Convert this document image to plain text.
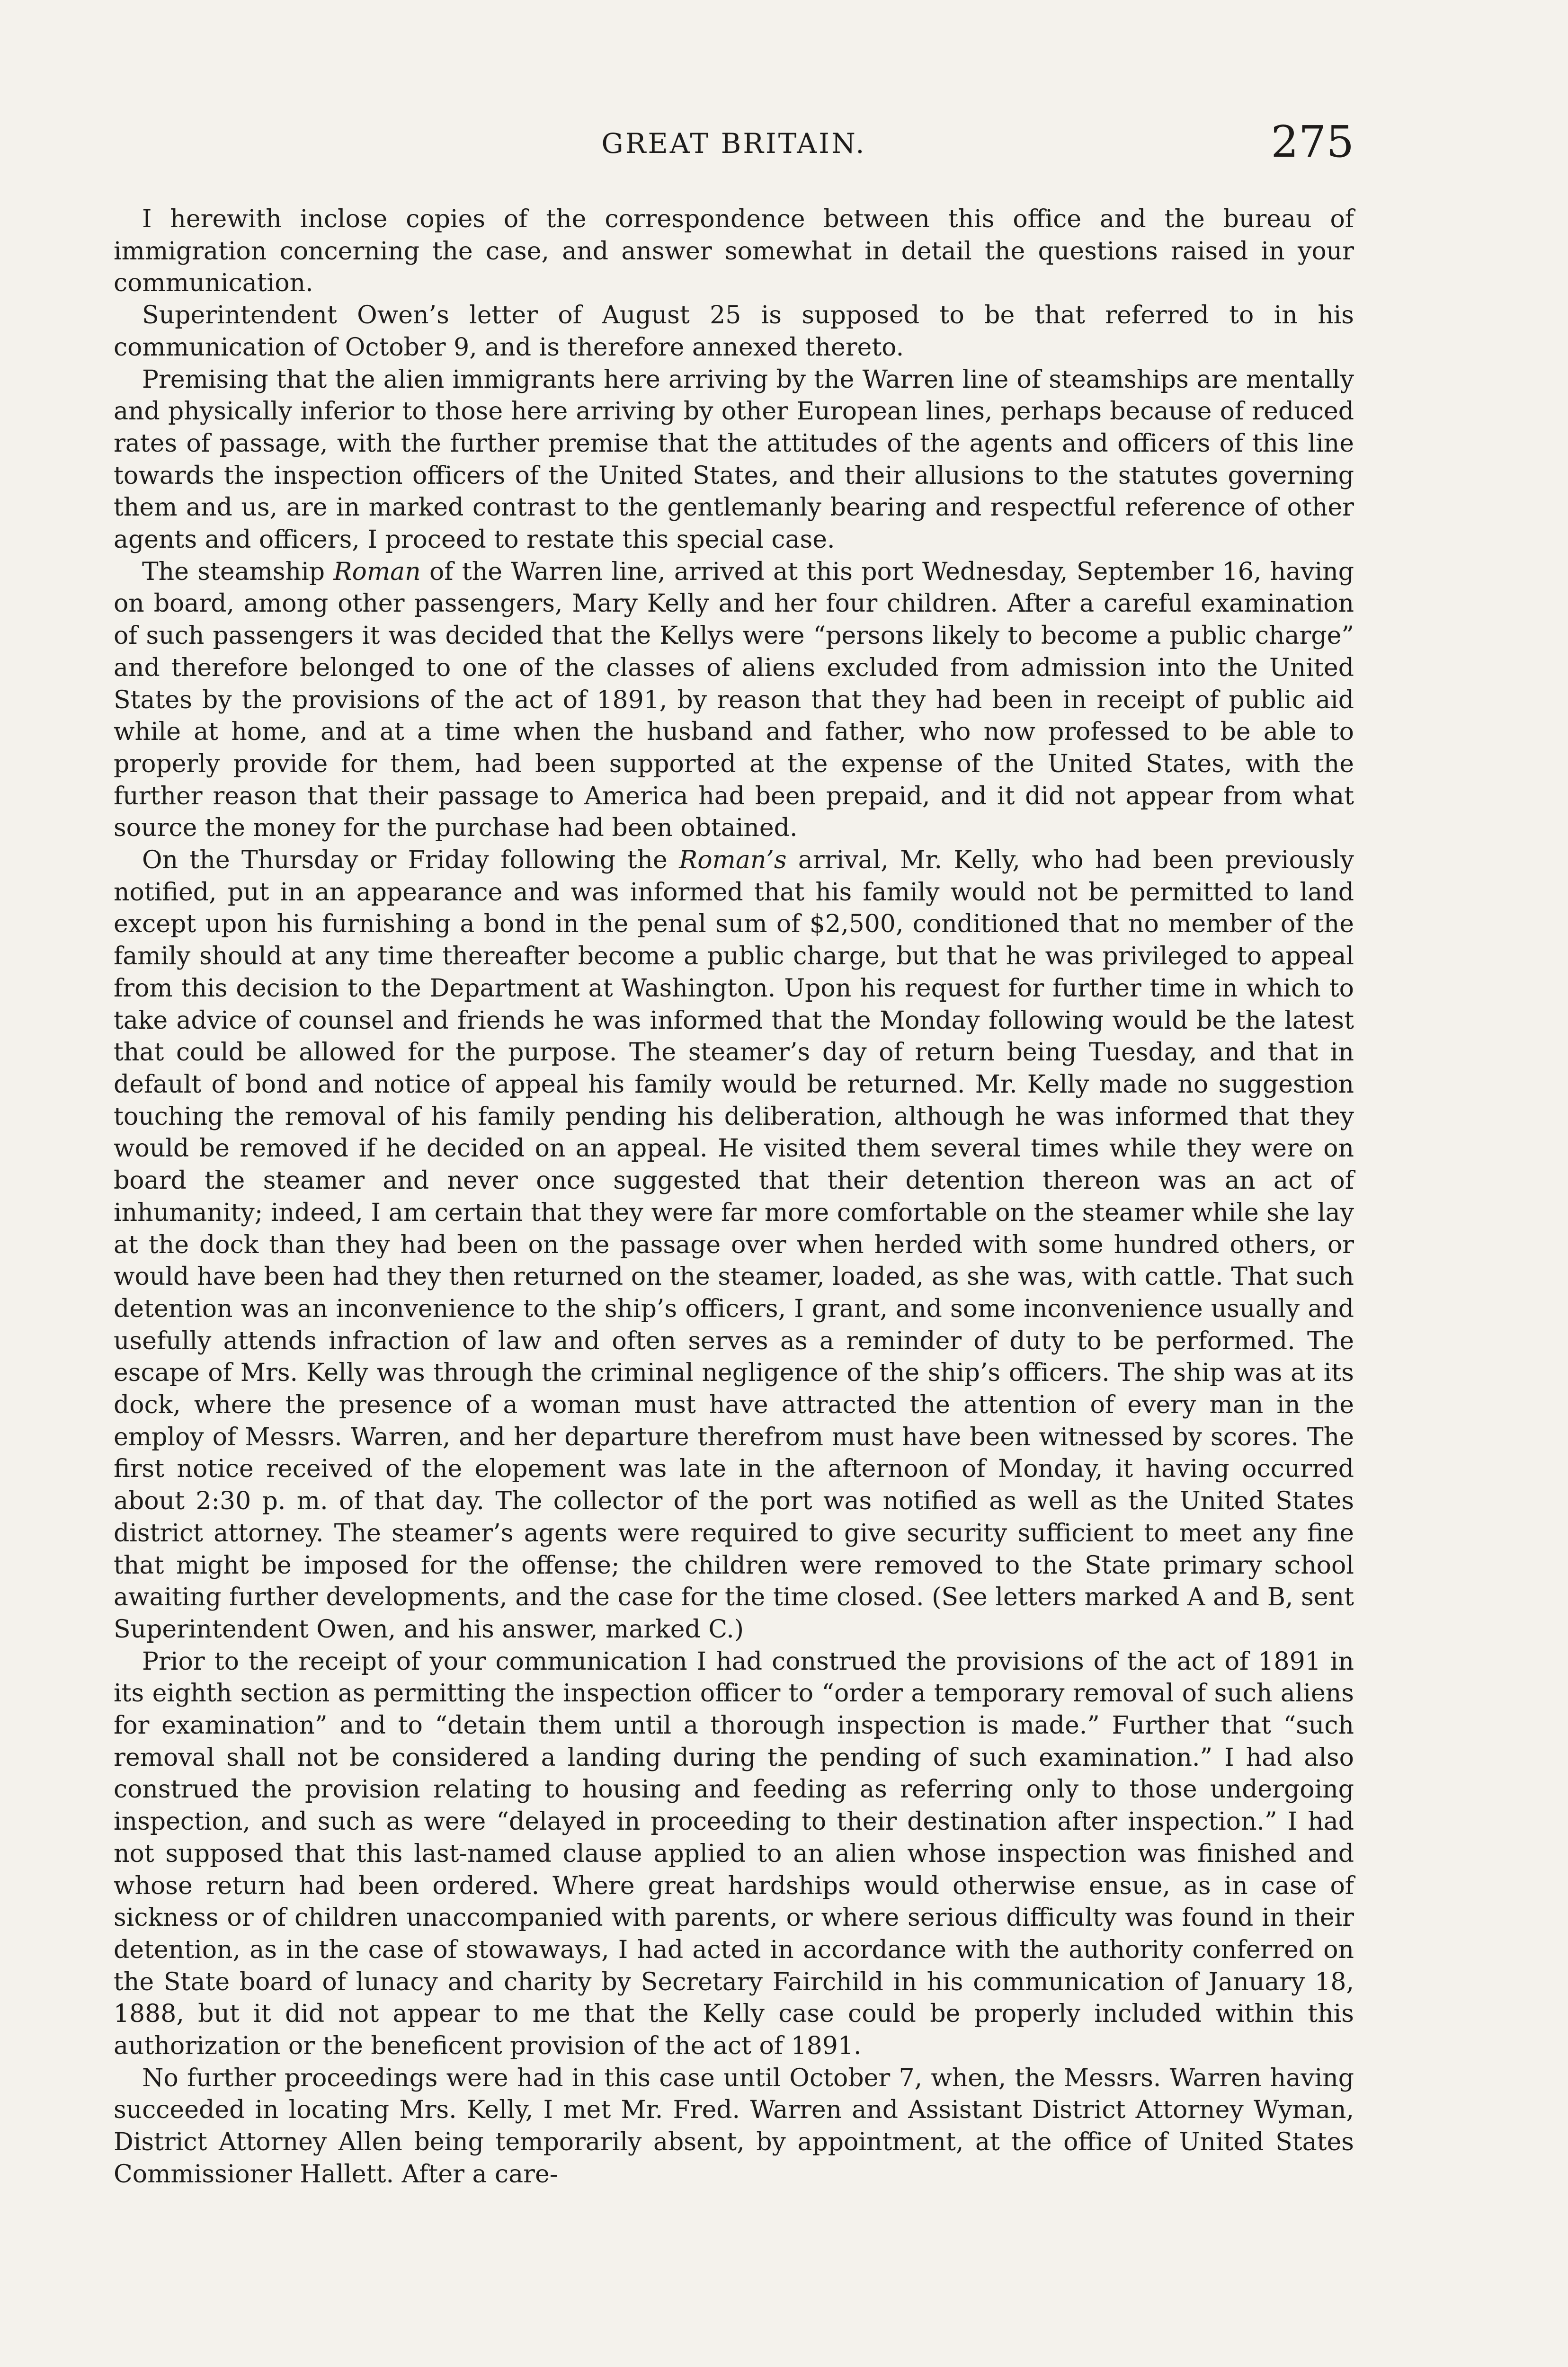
GREAT BRITAIN.	275

I herewith inclose copies of the correspondence between this office and the bureau of immigration concerning the case, and answer somewhat in detail the questions raised in your communication.

Superintendent Owen’s letter of August 25 is supposed to be that referred to in his communication of October 9, and is therefore annexed thereto.

Premising that the alien immigrants here arriving by the Warren line of steamships are mentally and physically inferior to those here arriving by other European lines, perhaps because of reduced rates of passage, with the further premise that the attitudes of the agents and officers of this line towards the inspection officers of the United States, and their allusions to the statutes governing them and us, are in marked contrast to the gentlemanly bearing and respectful reference of other agents and officers, I proceed to restate this special case.

The steamship Roman of the Warren line, arrived at this port Wednesday, September 16, having on board, among other passengers, Mary Kelly and her four children. After a careful examination of such passengers it was decided that the Kellys were “persons likely to become a public charge” and therefore belonged to one of the classes of aliens excluded from admission into the United States by the provisions of the act of 1891, by reason that they had been in receipt of public aid while at home, and at a time when the husband and father, who now professed to be able to properly provide for them, had been supported at the expense of the United States, with the further reason that their passage to America had been prepaid, and it did not appear from what source the money for the purchase had been obtained.

On the Thursday or Friday following the Roman’s arrival, Mr. Kelly, who had been previously notified, put in an appearance and was informed that his family would not be permitted to land except upon his furnishing a bond in the penal sum of $2,500, conditioned that no member of the family should at any time thereafter become a public charge, but that he was privileged to appeal from this decision to the Department at Washington. Upon his request for further time in which to take advice of counsel and friends he was informed that the Monday following would be the latest that could be allowed for the purpose. The steamer’s day of return being Tuesday, and that in default of bond and notice of appeal his family would be returned. Mr. Kelly made no suggestion touching the removal of his family pending his deliberation, although he was informed that they would be removed if he decided on an appeal. He visited them several times while they were on board the steamer and never once suggested that their detention thereon was an act of inhumanity; indeed, I am certain that they were far more comfortable on the steamer while she lay at the dock than they had been on the passage over when herded with some hundred others, or would have been had they then returned on the steamer, loaded, as she was, with cattle. That such detention was an inconvenience to the ship’s officers, I grant, and some inconvenience usually and usefully attends infraction of law and often serves as a reminder of duty to be performed. The escape of Mrs. Kelly was through the criminal negligence of the ship’s officers. The ship was at its dock, where the presence of a woman must have attracted the attention of every man in the employ of Messrs. Warren, and her departure therefrom must have been witnessed by scores. The first notice received of the elopement was late in the afternoon of Monday, it having occurred about 2:30 p. m. of that day. The collector of the port was notified as well as the United States district attorney. The steamer’s agents were required to give security sufficient to meet any fine that might be imposed for the offense; the children were removed to the State primary school awaiting further developments, and the case for the time closed. (See letters marked A and B, sent Superintendent Owen, and his answer, marked C.)

Prior to the receipt of your communication I had construed the provisions of the act of 1891 in its eighth section as permitting the inspection officer to “order a temporary removal of such aliens for examination” and to “detain them until a thorough inspection is made.” Further that “such removal shall not be considered a landing during the pending of such examination.” I had also construed the provision relating to housing and feeding as referring only to those undergoing inspection, and such as were “delayed in proceeding to their destination after inspection.” I had not supposed that this last-named clause applied to an alien whose inspection was finished and whose return had been ordered. Where great hardships would otherwise ensue, as in case of sickness or of children unaccompanied with parents, or where serious difficulty was found in their detention, as in the case of stowaways, I had acted in accordance with the authority conferred on the State board of lunacy and charity by Secretary Fairchild in his communication of January 18, 1888, but it did not appear to me that the Kelly case could be properly included within this authorization or the beneficent provision of the act of 1891.

No further proceedings were had in this case until October 7, when, the Messrs. Warren having succeeded in locating Mrs. Kelly, I met Mr. Fred. Warren and Assistant District Attorney Wyman, District Attorney Allen being temporarily absent, by appointment, at the office of United States Commissioner Hallett. After a care-
